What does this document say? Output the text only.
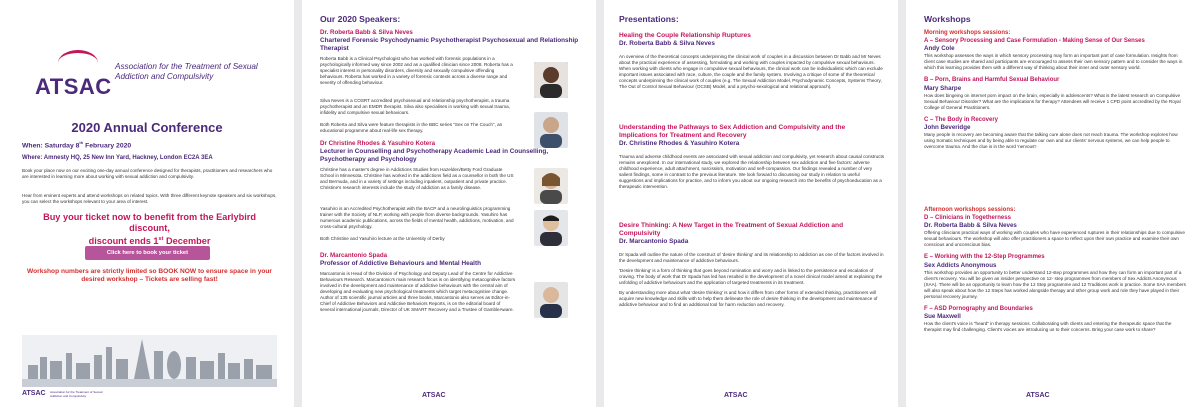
ATSAC
Association for the Treatment of Sexual Addiction and Compulsivity
2020 Annual Conference
When: Saturday 8th February 2020
Where: Amnesty HQ, 25 New Inn Yard, Hackney, London EC2A 3EA
Book your place now on our exciting one-day annual conference designed for therapists, practitioners and researchers who are interested in learning more about working with sexual addiction and compulsivity.
Hear from eminent experts and attend workshops on related topics. With three different keynote speakers and six workshops, you can select the workshops relevant to your area of interest.
Buy your ticket now to benefit from the Earlybird discount,
discount ends 1st December
Click here to book your ticket
Workshop numbers are strictly limited so BOOK NOW to ensure space in your desired workshop – Tickets are selling fast!
ATSAC Association for the Treatment of Sexual Addiction and Compulsivity
Our 2020 Speakers:
Dr. Roberta Babb & Silva Neves
Chartered Forensic Psychodynamic Psychotherapist Psychosexual and Relationship Therapist
Roberta Babb is a Clinical Psychologist who has worked with forensic populations in a psychologically informed way since 2002 and as a qualified clinician since 2008. Roberta has a specialist interest in personality disorders, diversity and sexually compulsive offending behaviours. Roberta has worked in a variety of forensic contexts across a diverse range and severity of offending behaviour.
Silva Neves is a COSRT accredited psychosexual and relationship psychotherapist, a trauma psychotherapist and an EMDR therapist. Silva also specialises in working with sexual trauma, infidelity and compulsive sexual behaviours.
Both Roberta and Silva were feature therapists in the BBC series "Sex on The Couch", an educational programme about real-life sex therapy.
Dr Christine Rhodes & Yasuhiro Kotera
Lecturer in Counselling and Psychotherapy Academic Lead in Counselling, Psychotherapy and Psychology
Christine has a master's degree in Addictions Studies from Hazelden/Betty Ford Graduate School in Minnesota. Christine has worked in the addictions field as a counsellor in both the US and Bermuda, and in a variety of settings including inpatient, outpatient and private practice. Christine's research interests include the study of addiction as a family disease.
Yasuhiro is an Accredited Psychotherapist with the BACP and a neurolinguistics programming trainer with the Society of NLP, working with people from diverse backgrounds. Yasuhiro has numerous academic publications, across the fields of mental health, addictions, motivation, and cross-cultural psychology.
Both Christine and Yasuhiro lecture at the University of Derby
Dr. Marcantonio Spada
Professor of Addictive Behaviours and Mental Health
Marcantonio is Head of the Division of Psychology and Deputy Lead of the Centre for Addictive Behaviours Research. Marcantonio's main research focus is on identifying metacognitive factors involved in the development and maintenance of addictive behaviours with the central aim of developing and evaluating new psychological treatments which target metacognitive change. Author of 135 scientific journal articles and three books, Marcantonio also serves as Editor-in-Chief of Addictive Behaviors and Addictive Behaviors Reports, is on the editorial board of several international journals, Director of UK SMART Recovery and a Trustee of GambleAware.
ATSAC
Presentations:
Healing the Couple Relationship Ruptures
Dr. Roberta Babb & Silva Neves
An overview of the theoretical concepts underpinning the clinical work of couples in a discussion between Dr Babb and Mr Neves about the practical experience of assessing, formulating and working with couples impacted by compulsive sexual behaviours. When working with clients who engage in compulsive sexual behaviours, the clinical work can be individualistic which can exclude important issues associated with race, culture, the couple and the family system. Involving a critique of some of the theoretical concepts underpinning the clinical work of couples (e.g. The Sexual Addiction Model, Psychodynamic Concepts, Systems Theory, The Out of Control Sexual Behaviour (OCSB) Model, and a psycho-sexological and relational approach).
Understanding the Pathways to Sex Addiction and Compulsivity and the Implications for Treatment and Recovery
Dr. Christine Rhodes & Yasuhiro Kotera
Trauma and adverse childhood events are associated with sexual addiction and compulsivity, yet research about causal constructs remains unexplored. In our international study, we explored the relationship between sex addiction and five factors: adverse childhood experience, adult attachment, narcissism, motivation and self-compassion. Our findings revealed a number of very salient findings, some in contrast to the previous literature. We look forward to discussing our study in relation to useful suggestions and implications for practice, and to inform you about our ongoing research into the benefits of psychoeducation as a therapeutic intervention.
Desire Thinking: A New Target in the Treatment of Sexual Addiction and Compulsivity
Dr. Marcantonio Spada
Dr Spada will outline the nature of the construct of 'desire thinking' and its relationship to addiction as one of the factors involved in the development and maintenance of addictive behaviours.
'Desire thinking' is a form of thinking that goes beyond rumination and worry and is linked to the persistence and escalation of craving. The body of work that Dr Spada has led has resulted in the development of a novel clinical model aimed at explaining the unfolding of addictive behaviours and the application of targeted treatments in its treatment.
By understanding more about what 'desire thinking' is and how it differs from other forms of extended thinking, practitioners will acquire new knowledge and skills with to help them delineate the role of desire thinking in the development and maintenance of addictive behaviour and to find an additional tool for harm reduction and recovery.
ATSAC
Workshops
Morning workshops sessions:
A – Sensory Processing and Case Formulation - Making Sense of Our Senses
Andy Cole
This workshop assesses the ways in which sensory processing may form an important part of case formulation. Insights from client case studies are shared and participants are encouraged to assess their own sensory pattern and to consider the ways in which this learning provides them with a different way of thinking about their inner and outer sensory world.
B – Porn, Brains and Harmful Sexual Behaviour
Mary Sharpe
How does bingeing on internet porn impact on the brain, especially in adolescents? What is the latest research on Compulsive Sexual Behaviour Disorder? What are the implications for therapy? Attendees will receive 1 CPD point accredited by the Royal College of General Practitioners.
C – The Body in Recovery
John Beveridge
Many people in recovery are becoming aware that the talking cure alone does not reach trauma. The workshop explores how using Somatic techniques and by being able to regulate our own and our clients' nervous systems, we can help people to overcome trauma. And the clue is in the word 'nervous'!
Afternoon workshops sessions:
D – Clinicians in Togetherness
Dr. Roberta Babb & Silva Neves
Offering clinicians practical ways of working with couples who have experienced ruptures in their relationships due to compulsive sexual behaviours. The workshop will also offer practitioners a space to reflect upon their own practice and examine their own conscious and unconscious bias.
E – Working with the 12-Step Programmes
Sex Addicts Anonymous
This workshop provides an opportunity to better understand 12-step programmes and how they can form an important part of a client's recovery. You will be given an insider perspective on 12- step programmes from members of Sex Addicts Anonymous (SAA). There will be an opportunity to learn how the 12 Step programme and 12 Traditions work in practice. Some SAA members will also speak about how the 12 Steps has worked alongside therapy and other group work and role they have played in their personal recovery journey.
F – ASD Pornography and Boundaries
Sue Maxwell
How the client's voice is "heard" in therapy sessions. Collaborating with clients and entering the therapeutic space that the therapist may find challenging. Client's voices are introducing us to their concerns. Bring your case work to share?
ATSAC
